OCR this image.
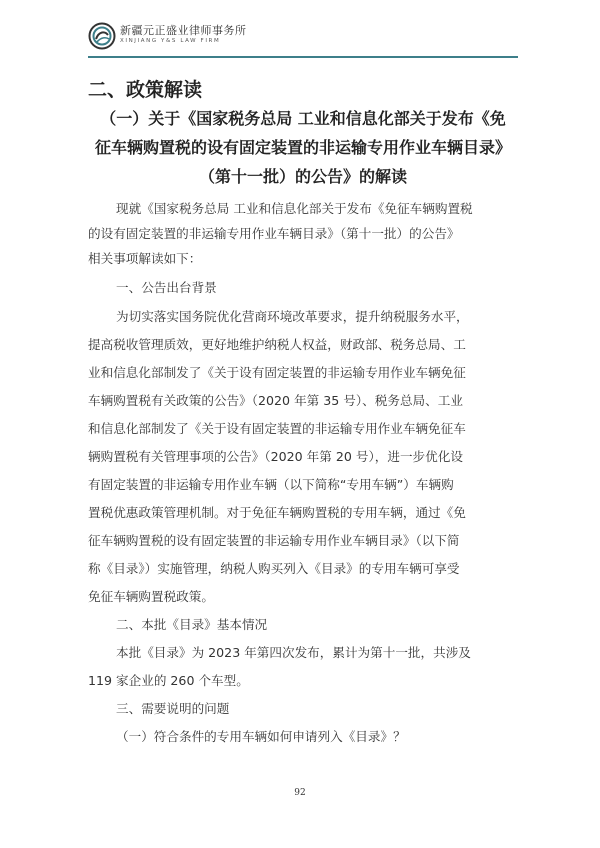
新疆元正盛业律师事务所
XINJIANG Y&S LAW FIRM
二、政策解读
（一）关于《国家税务总局 工业和信息化部关于发布《免
征车辆购置税的设有固定装置的非运输专用作业车辆目录》
（第十一批）的公告》的解读
现就《国家税务总局 工业和信息化部关于发布《免征车辆购置税
的设有固定装置的非运输专用作业车辆目录》（第十一批）的公告》
相关事项解读如下：
一、公告出台背景
为切实落实国务院优化营商环境改革要求，提升纳税服务水平，
提高税收管理质效，更好地维护纳税人权益，财政部、税务总局、工
业和信息化部制发了《关于设有固定装置的非运输专用作业车辆免征
车辆购置税有关政策的公告》（2020 年第 35 号）、税务总局、工业
和信息化部制发了《关于设有固定装置的非运输专用作业车辆免征车
辆购置税有关管理事项的公告》（2020 年第 20 号），进一步优化设
有固定装置的非运输专用作业车辆（以下简称“专用车辆”）车辆购
置税优惠政策管理机制。对于免征车辆购置税的专用车辆，通过《免
征车辆购置税的设有固定装置的非运输专用作业车辆目录》（以下简
称《目录》）实施管理，纳税人购买列入《目录》的专用车辆可享受
免征车辆购置税政策。
二、本批《目录》基本情况
本批《目录》为 2023 年第四次发布，累计为第十一批，共涉及
119 家企业的 260 个车型。
三、需要说明的问题
（一）符合条件的专用车辆如何申请列入《目录》？
92
